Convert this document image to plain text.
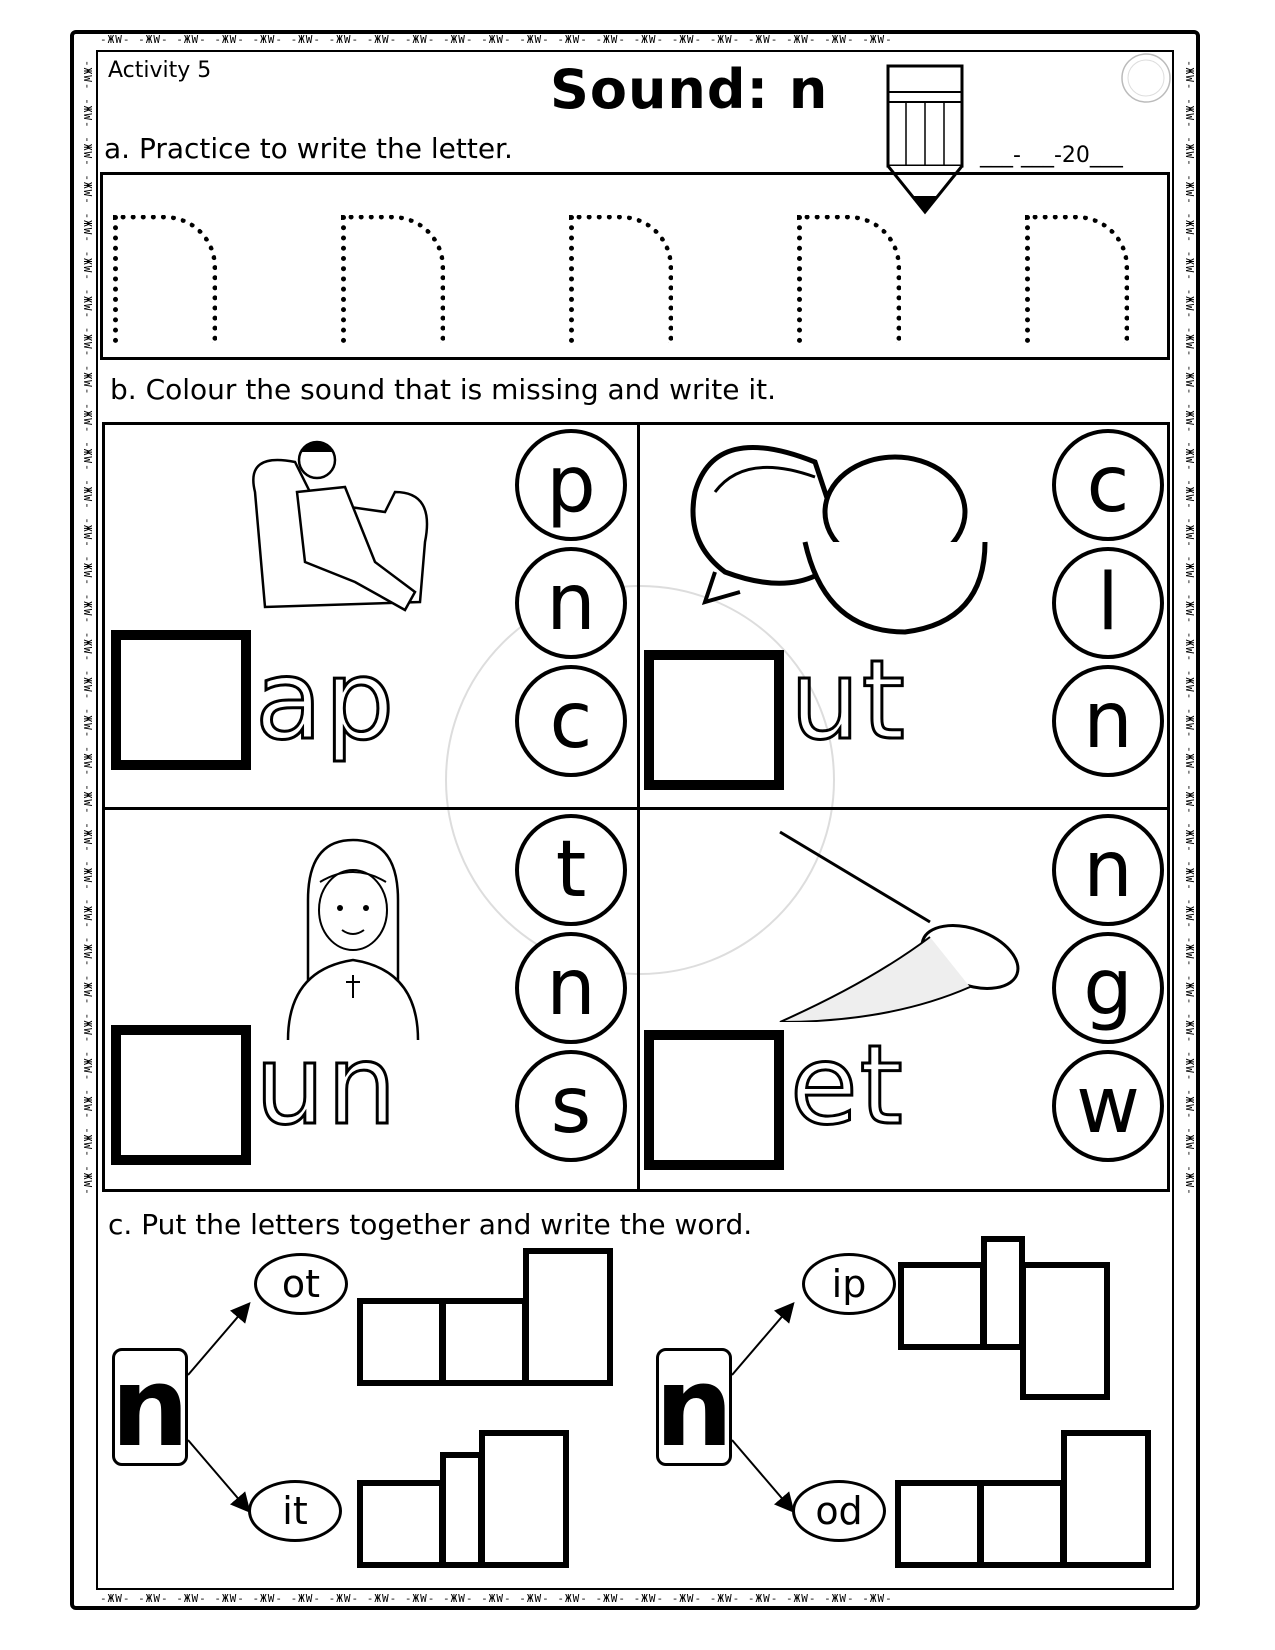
-ЖW- -ЖW- -ЖW- -ЖW- -ЖW- -ЖW- -ЖW- -ЖW- -ЖW- -ЖW- -ЖW- -ЖW- -ЖW- -ЖW- -ЖW- -ЖW- -ЖW- -ЖW- -ЖW- -ЖW- -ЖW-
-ЖW- -ЖW- -ЖW- -ЖW- -ЖW- -ЖW- -ЖW- -ЖW- -ЖW- -ЖW- -ЖW- -ЖW- -ЖW- -ЖW- -ЖW- -ЖW- -ЖW- -ЖW- -ЖW- -ЖW- -ЖW-
-ЖW- -ЖW- -ЖW- -ЖW- -ЖW- -ЖW- -ЖW- -ЖW- -ЖW- -ЖW- -ЖW- -ЖW- -ЖW- -ЖW- -ЖW- -ЖW- -ЖW- -ЖW- -ЖW- -ЖW- -ЖW- -ЖW- -ЖW- -ЖW- -ЖW- -ЖW- -ЖW- -ЖW- -ЖW- -ЖW-	-ЖW- -ЖW- -ЖW- -ЖW- -ЖW- -ЖW- -ЖW- -ЖW- -ЖW- -ЖW- -ЖW- -ЖW- -ЖW- -ЖW- -ЖW- -ЖW- -ЖW- -ЖW- -ЖW- -ЖW- -ЖW- -ЖW- -ЖW- -ЖW- -ЖW- -ЖW- -ЖW- -ЖW- -ЖW- -ЖW-
Activity 5	Sound: n
a. Practice to write the letter.	___-___-20___
b. Colour the sound that is missing and write it.
ap
p
n
c	ut
c
l
n
un
t
n
s	et
n
g
w
c. Put the letters together and write the word.
n
ot
it
n
ip
od
